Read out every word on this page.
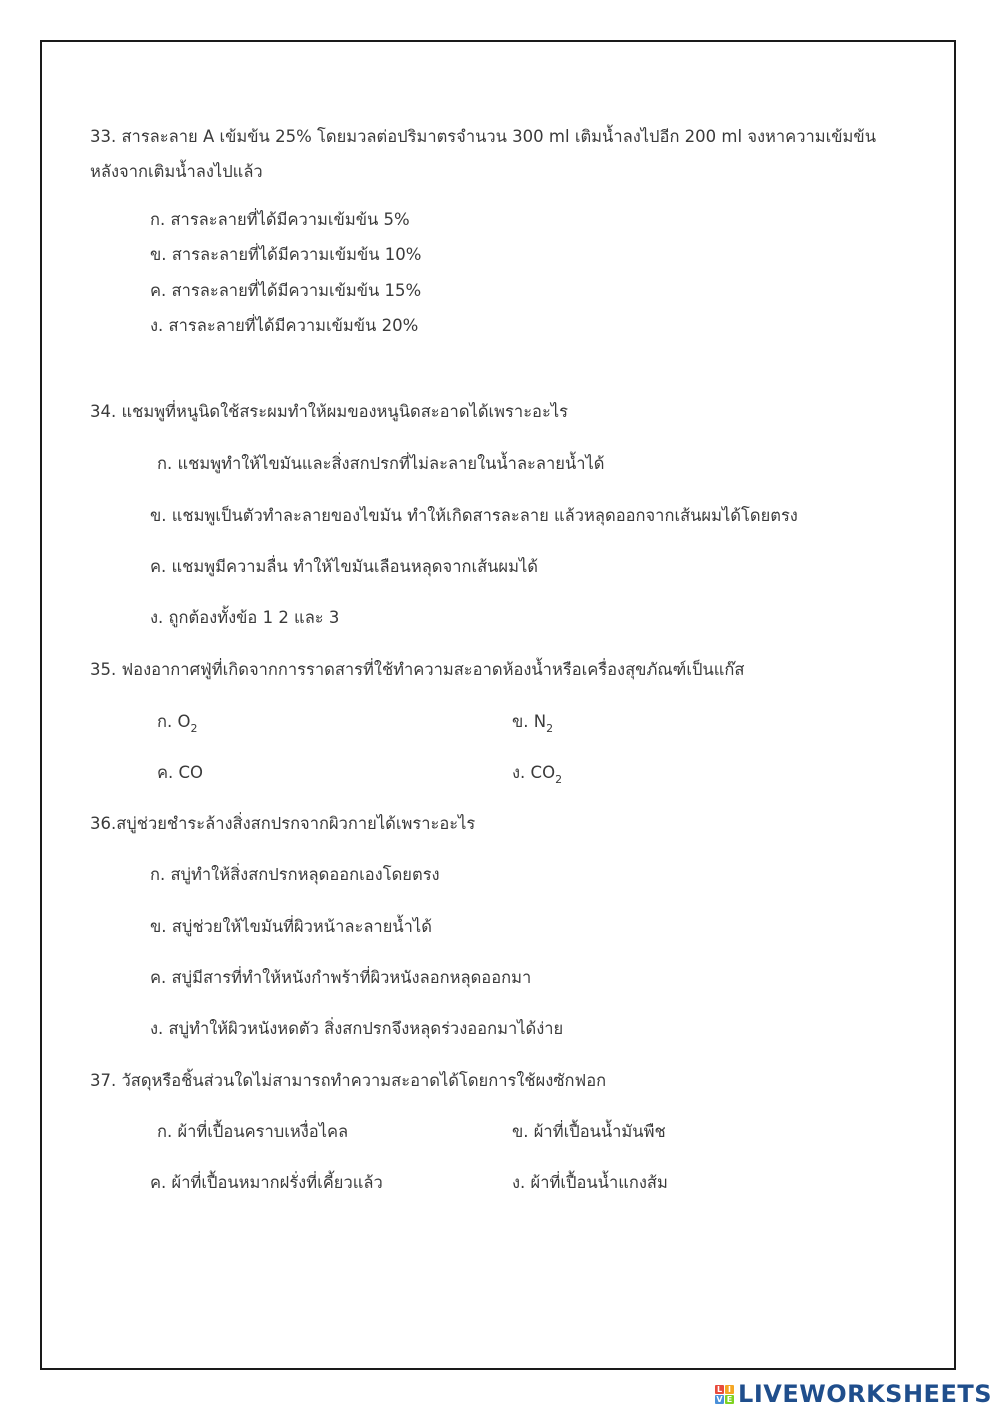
33. สารละลาย A เข้มข้น 25% โดยมวลต่อปริมาตรจำนวน 300 ml เติมน้ำลงไปอีก 200 ml จงหาความเข้มข้น
หลังจากเติมน้ำลงไปแล้ว
ก. สารละลายที่ได้มีความเข้มข้น 5%
ข. สารละลายที่ได้มีความเข้มข้น 10%
ค. สารละลายที่ได้มีความเข้มข้น 15%
ง. สารละลายที่ได้มีความเข้มข้น 20%
34. แชมพูที่หนูนิดใช้สระผมทำให้ผมของหนูนิดสะอาดได้เพราะอะไร
ก. แชมพูทำให้ไขมันและสิ่งสกปรกที่ไม่ละลายในน้ำละลายน้ำได้
ข. แชมพูเป็นตัวทำละลายของไขมัน ทำให้เกิดสารละลาย แล้วหลุดออกจากเส้นผมได้โดยตรง
ค. แชมพูมีความลื่น ทำให้ไขมันเลือนหลุดจากเส้นผมได้
ง. ถูกต้องทั้งข้อ 1 2 และ 3
35. ฟองอากาศฟู่ที่เกิดจากการราดสารที่ใช้ทำความสะอาดห้องน้ำหรือเครื่องสุขภัณฑ์เป็นแก๊ส
ก. $O_2$	ข. $N_2$
ค. CO	ง. $CO_2$
36.สบู่ช่วยชำระล้างสิ่งสกปรกจากผิวกายได้เพราะอะไร
ก. สบู่ทำให้สิ่งสกปรกหลุดออกเองโดยตรง
ข. สบู่ช่วยให้ไขมันที่ผิวหน้าละลายน้ำได้
ค. สบู่มีสารที่ทำให้หนังกำพร้าที่ผิวหนังลอกหลุดออกมา
ง. สบู่ทำให้ผิวหนังหดตัว สิ่งสกปรกจึงหลุดร่วงออกมาได้ง่าย
37. วัสดุหรือชิ้นส่วนใดไม่สามารถทำความสะอาดได้โดยการใช้ผงซักฟอก
ก. ผ้าที่เปื้อนคราบเหงื่อไคล	ข. ผ้าที่เปื้อนน้ำมันพืช
ค. ผ้าที่เปื้อนหมากฝรั่งที่เคี้ยวแล้ว	ง. ผ้าที่เปื้อนน้ำแกงส้ม
L I
V E LIVEWORKSHEETS
